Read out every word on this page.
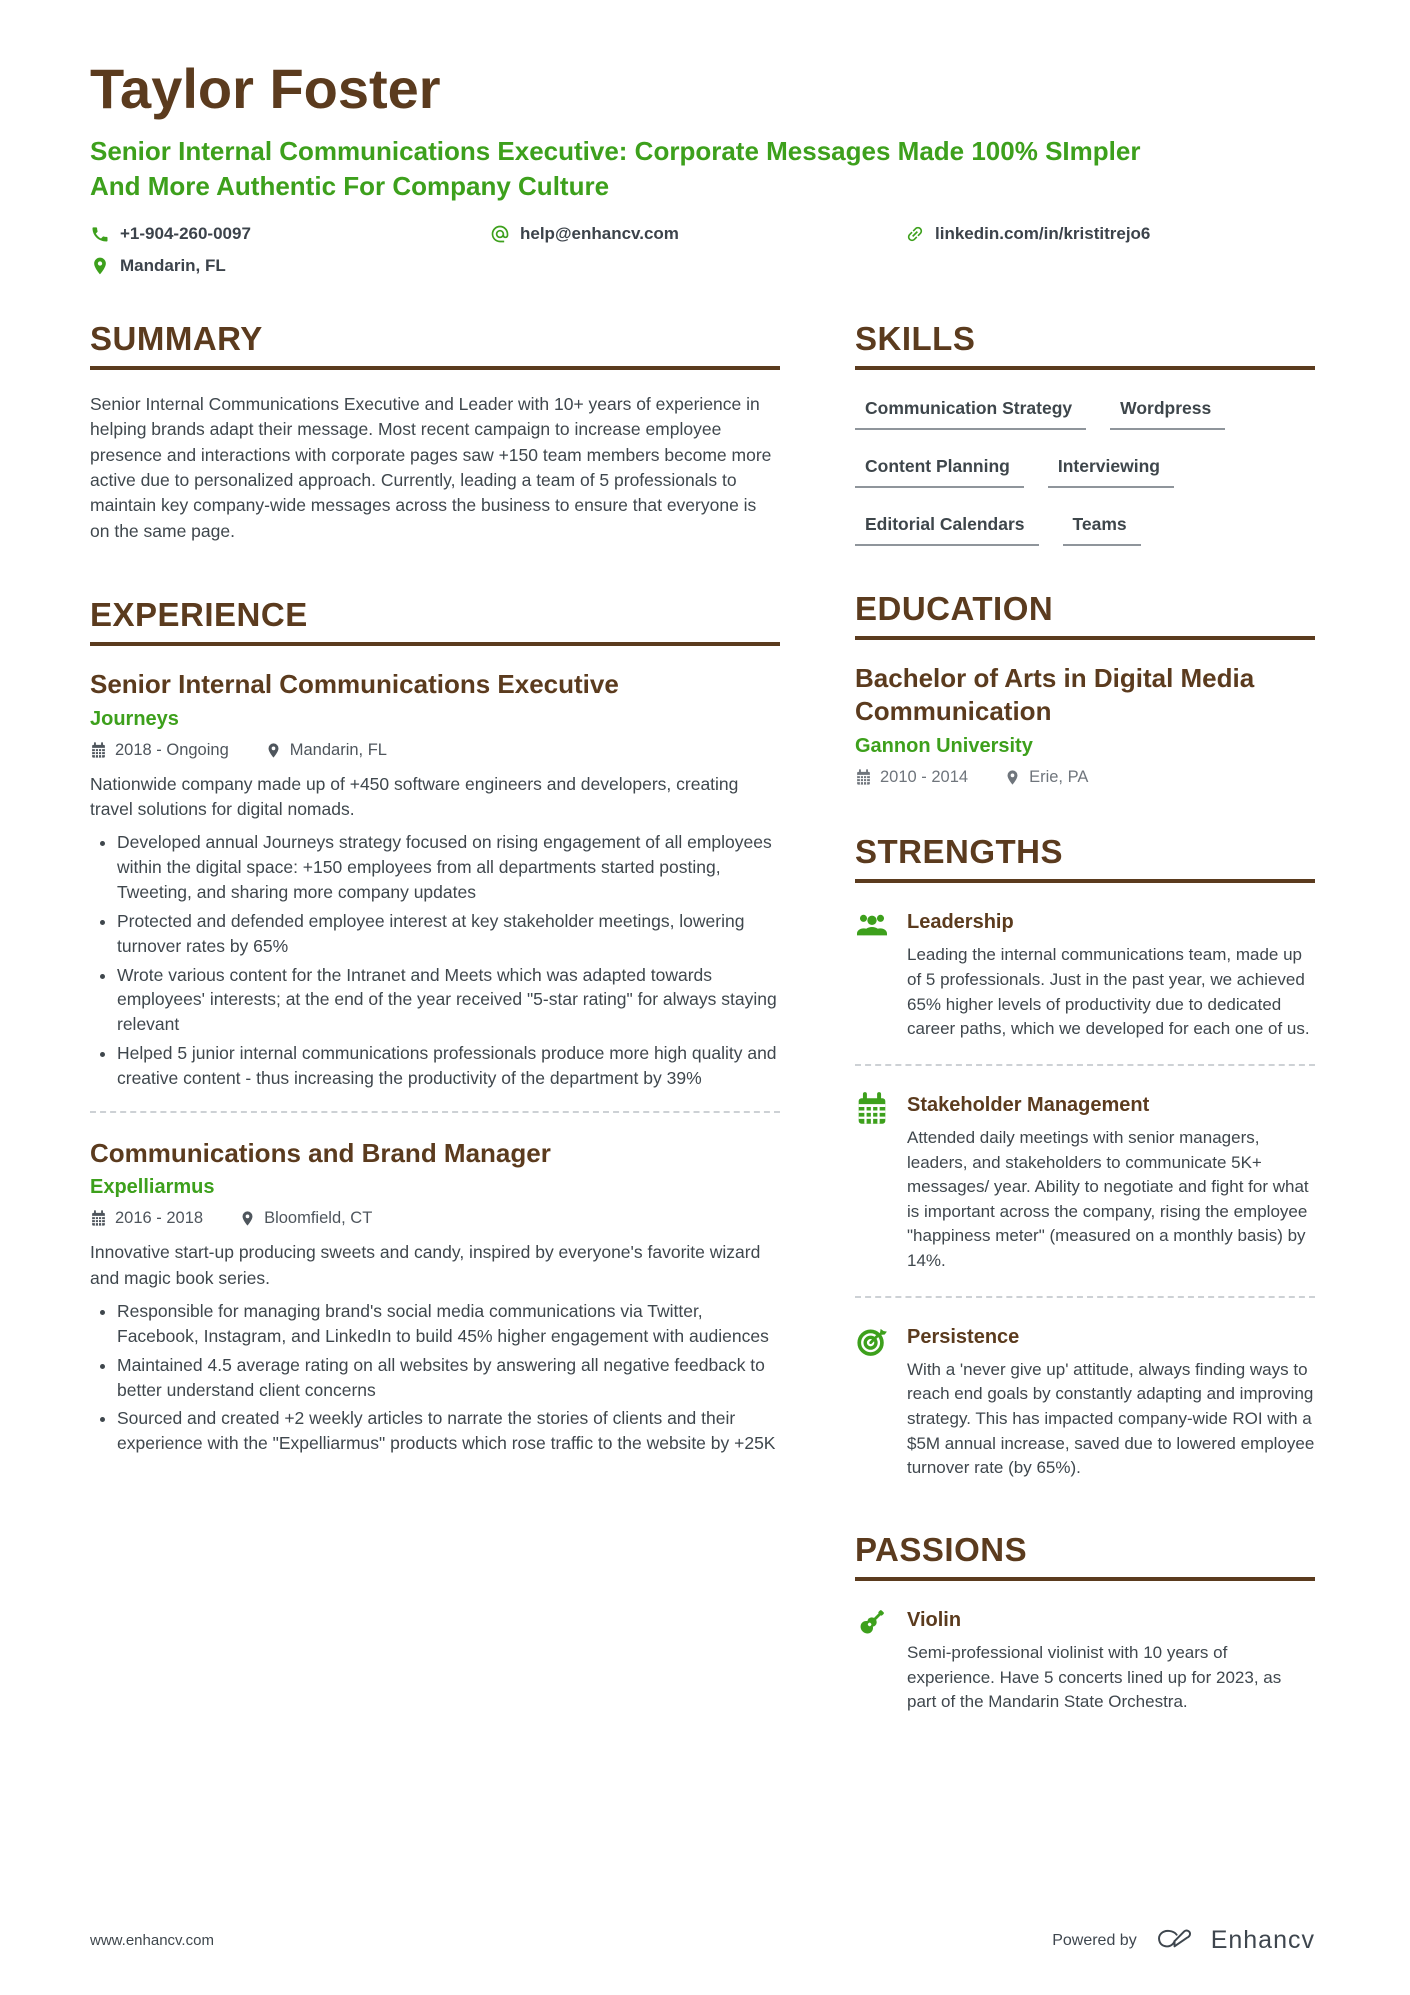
Taylor Foster
Senior Internal Communications Executive: Corporate Messages Made 100% SImpler And More Authentic For Company Culture
+1-904-260-0097	help@enhancv.com	linkedin.com/in/kristitrejo6
Mandarin, FL
SUMMARY

Senior Internal Communications Executive and Leader with 10+ years of experience in helping brands adapt their message. Most recent campaign to increase employee presence and interactions with corporate pages saw +150 team members become more active due to personalized approach. Currently, leading a team of 5 professionals to maintain key company-wide messages across the business to ensure that everyone is on the same page.

EXPERIENCE
Senior Internal Communications Executive
Journeys
2018 - Ongoing	Mandarin, FL

Nationwide company made up of +450 software engineers and developers, creating travel solutions for digital nomads.

• Developed annual Journeys strategy focused on rising engagement of all employees within the digital space: +150 employees from all departments started posting, Tweeting, and sharing more company updates
• Protected and defended employee interest at key stakeholder meetings, lowering turnover rates by 65%
• Wrote various content for the Intranet and Meets which was adapted towards employees' interests; at the end of the year received "5-star rating" for always staying relevant
• Helped 5 junior internal communications professionals produce more high quality and creative content - thus increasing the productivity of the department by 39%
Communications and Brand Manager
Expelliarmus
2016 - 2018	Bloomfield, CT

Innovative start-up producing sweets and candy, inspired by everyone's favorite wizard and magic book series.

• Responsible for managing brand's social media communications via Twitter, Facebook, Instagram, and LinkedIn to build 45% higher engagement with audiences
• Maintained 4.5 average rating on all websites by answering all negative feedback to better understand client concerns
• Sourced and created +2 weekly articles to narrate the stories of clients and their experience with the "Expelliarmus" products which rose traffic to the website by +25K
SKILLS
Communication Strategy	Wordpress
Content Planning	Interviewing
Editorial Calendars	Teams
EDUCATION
Bachelor of Arts in Digital Media Communication
Gannon University
2010 - 2014	Erie, PA
STRENGTHS
Leadership

Leading the internal communications team, made up of 5 professionals. Just in the past year, we achieved 65% higher levels of productivity due to dedicated career paths, which we developed for each one of us.

Stakeholder Management

Attended daily meetings with senior managers, leaders, and stakeholders to communicate 5K+ messages/ year. Ability to negotiate and fight for what is important across the company, rising the employee "happiness meter" (measured on a monthly basis) by 14%.

Persistence

With a 'never give up' attitude, always finding ways to reach end goals by constantly adapting and improving strategy. This has impacted company-wide ROI with a $5M annual increase, saved due to lowered employee turnover rate (by 65%).

PASSIONS
Violin

Semi-professional violinist with 10 years of experience. Have 5 concerts lined up for 2023, as part of the Mandarin State Orchestra.

www.enhancv.com	Powered by	Enhancv
